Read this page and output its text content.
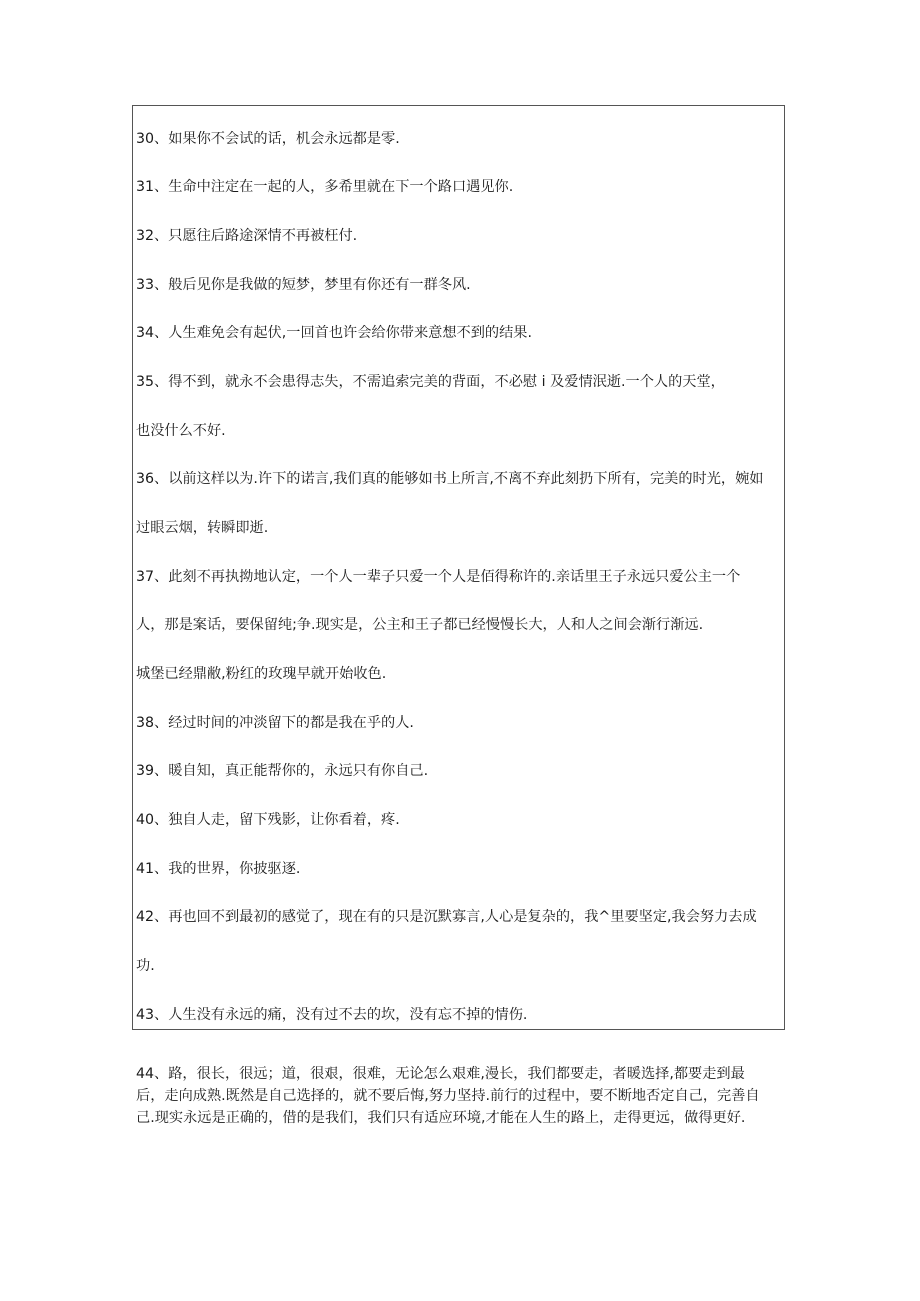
30、如果你不会试的话，机会永远都是零.
31、生命中注定在一起的人，多希里就在下一个路口遇见你.
32、只愿往后路途深情不再被枉付.
33、般后见你是我做的短梦，梦里有你还有一群冬风.
34、人生难免会有起伏,一回首也许会给你带来意想不到的结果.
35、得不到，就永不会患得志失，不需追索完美的背面，不必慰 i 及爱情泯逝.一个人的天堂，
也没什么不好.
36、以前这样以为.许下的诺言,我们真的能够如书上所言,不离不弃此刻扔下所有，完美的时光，婉如
过眼云烟，转瞬即逝.
37、此刻不再执拗地认定，一个人一辈子只爱一个人是佰得称许的.亲话里王子永远只爱公主一个
人，那是案话，要保留纯;争.现实是，公主和王子都已经慢慢长大，人和人之间会渐行渐远.
城堡已经鼎敝,粉红的玫瑰早就开始收色.
38、经过时间的冲淡留下的都是我在乎的人.
39、暖自知，真正能帮你的，永远只有你自己.
40、独自人走，留下残影，让你看着，疼.
41、我的世界，你披驱逐.
42、再也回不到最初的感觉了，现在有的只是沉默寡言,人心是复杂的，我^里要坚定,我会努力去成
功.
43、人生没有永远的痛，没有过不去的坎，没有忘不掉的情伤.
44、路，很长，很远；道，很艰，很难，无论怎么艰难,漫长，我们都要走，者暖选择,都要走到最
后，走向成熟.既然是自己选择的，就不要后悔,努力坚持.前行的过程中，要不断地否定自己，完善自
己.现实永远是正确的，借的是我们，我们只有适应环境,才能在人生的路上，走得更远，做得更好.
